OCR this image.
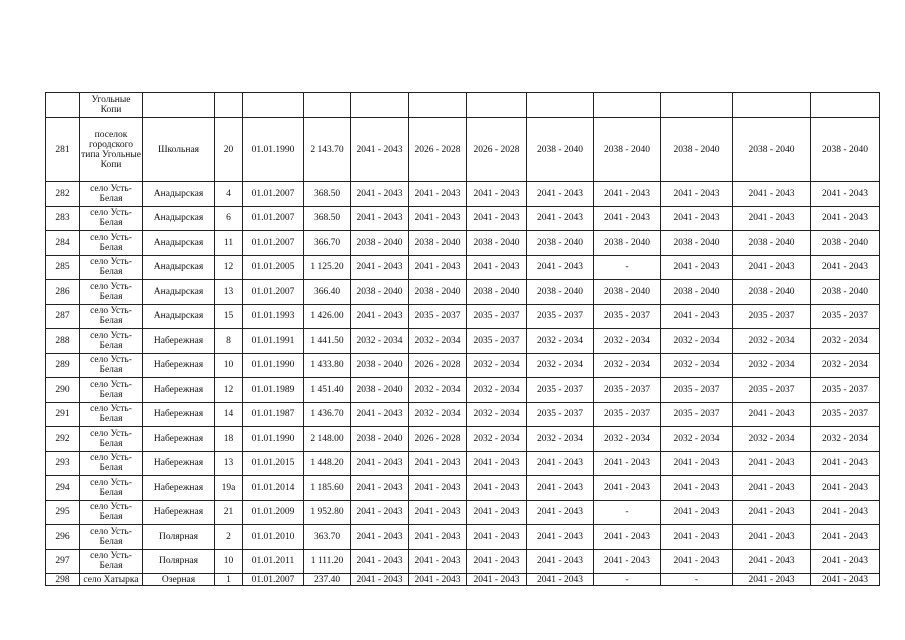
	Угольные Копи												
281	поселок городского типа Угольные Копи	Школьная	20	01.01.1990	2 143.70	2041 - 2043	2026 - 2028	2026 - 2028	2038 - 2040	2038 - 2040	2038 - 2040	2038 - 2040	2038 - 2040
282	село Усть-Белая	Анадырская	4	01.01.2007	368.50	2041 - 2043	2041 - 2043	2041 - 2043	2041 - 2043	2041 - 2043	2041 - 2043	2041 - 2043	2041 - 2043
283	село Усть-Белая	Анадырская	6	01.01.2007	368.50	2041 - 2043	2041 - 2043	2041 - 2043	2041 - 2043	2041 - 2043	2041 - 2043	2041 - 2043	2041 - 2043
284	село Усть-Белая	Анадырская	11	01.01.2007	366.70	2038 - 2040	2038 - 2040	2038 - 2040	2038 - 2040	2038 - 2040	2038 - 2040	2038 - 2040	2038 - 2040
285	село Усть-Белая	Анадырская	12	01.01.2005	1 125.20	2041 - 2043	2041 - 2043	2041 - 2043	2041 - 2043	-	2041 - 2043	2041 - 2043	2041 - 2043
286	село Усть-Белая	Анадырская	13	01.01.2007	366.40	2038 - 2040	2038 - 2040	2038 - 2040	2038 - 2040	2038 - 2040	2038 - 2040	2038 - 2040	2038 - 2040
287	село Усть-Белая	Анадырская	15	01.01.1993	1 426.00	2041 - 2043	2035 - 2037	2035 - 2037	2035 - 2037	2035 - 2037	2041 - 2043	2035 - 2037	2035 - 2037
288	село Усть-Белая	Набережная	8	01.01.1991	1 441.50	2032 - 2034	2032 - 2034	2035 - 2037	2032 - 2034	2032 - 2034	2032 - 2034	2032 - 2034	2032 - 2034
289	село Усть-Белая	Набережная	10	01.01.1990	1 433.80	2038 - 2040	2026 - 2028	2032 - 2034	2032 - 2034	2032 - 2034	2032 - 2034	2032 - 2034	2032 - 2034
290	село Усть-Белая	Набережная	12	01.01.1989	1 451.40	2038 - 2040	2032 - 2034	2032 - 2034	2035 - 2037	2035 - 2037	2035 - 2037	2035 - 2037	2035 - 2037
291	село Усть-Белая	Набережная	14	01.01.1987	1 436.70	2041 - 2043	2032 - 2034	2032 - 2034	2035 - 2037	2035 - 2037	2035 - 2037	2041 - 2043	2035 - 2037
292	село Усть-Белая	Набережная	18	01.01.1990	2 148.00	2038 - 2040	2026 - 2028	2032 - 2034	2032 - 2034	2032 - 2034	2032 - 2034	2032 - 2034	2032 - 2034
293	село Усть-Белая	Набережная	13	01.01.2015	1 448.20	2041 - 2043	2041 - 2043	2041 - 2043	2041 - 2043	2041 - 2043	2041 - 2043	2041 - 2043	2041 - 2043
294	село Усть-Белая	Набережная	19а	01.01.2014	1 185.60	2041 - 2043	2041 - 2043	2041 - 2043	2041 - 2043	2041 - 2043	2041 - 2043	2041 - 2043	2041 - 2043
295	село Усть-Белая	Набережная	21	01.01.2009	1 952.80	2041 - 2043	2041 - 2043	2041 - 2043	2041 - 2043	-	2041 - 2043	2041 - 2043	2041 - 2043
296	село Усть-Белая	Полярная	2	01.01.2010	363.70	2041 - 2043	2041 - 2043	2041 - 2043	2041 - 2043	2041 - 2043	2041 - 2043	2041 - 2043	2041 - 2043
297	село Усть-Белая	Полярная	10	01.01.2011	1 111.20	2041 - 2043	2041 - 2043	2041 - 2043	2041 - 2043	2041 - 2043	2041 - 2043	2041 - 2043	2041 - 2043
298	село Хатырка	Озерная	1	01.01.2007	237.40	2041 - 2043	2041 - 2043	2041 - 2043	2041 - 2043	-	-	2041 - 2043	2041 - 2043
